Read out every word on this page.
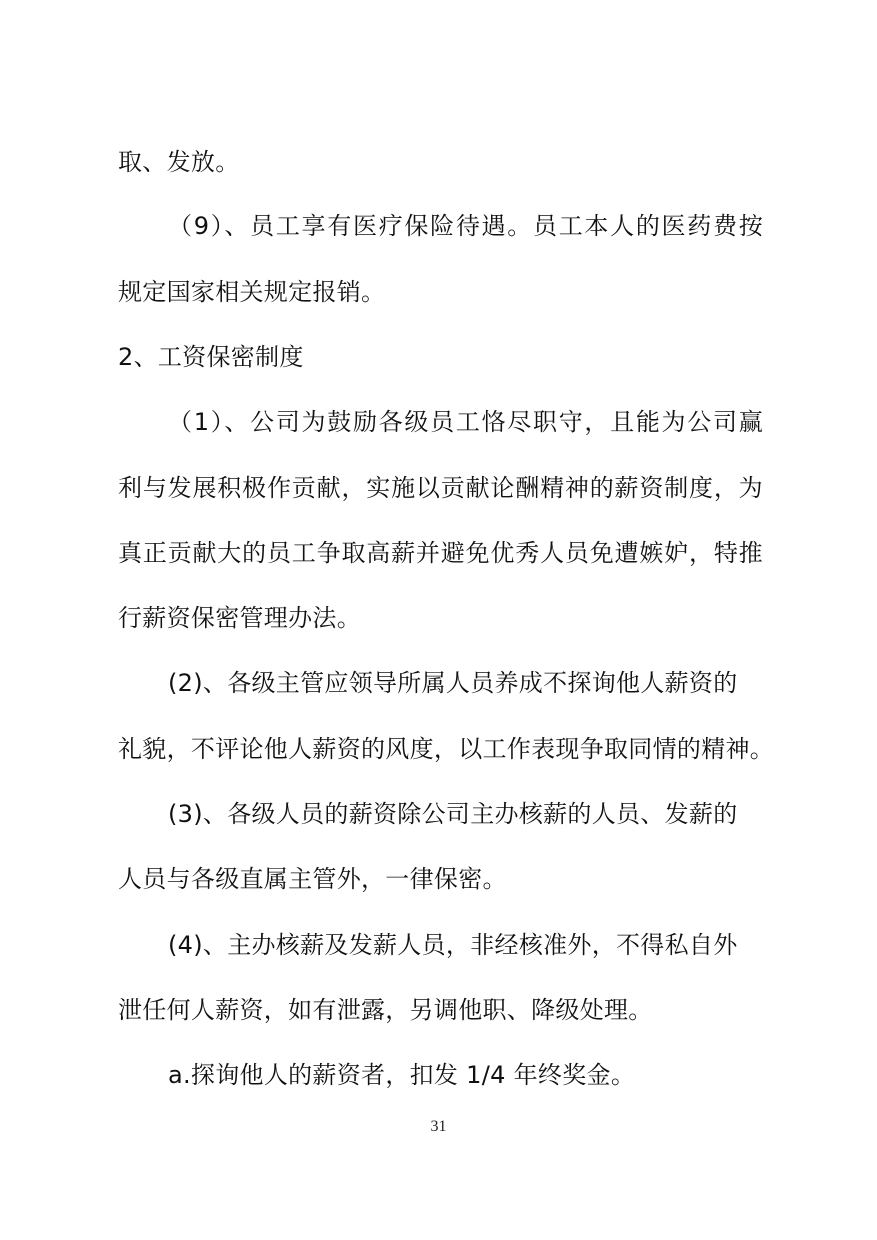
取、发放。

（9）、员工享有医疗保险待遇。员工本人的医药费按

规定国家相关规定报销。

2、工资保密制度

（1）、公司为鼓励各级员工恪尽职守，且能为公司赢

利与发展积极作贡献，实施以贡献论酬精神的薪资制度，为

真正贡献大的员工争取高薪并避免优秀人员免遭嫉妒，特推

行薪资保密管理办法。

(2)、各级主管应领导所属人员养成不探询他人薪资的

礼貌，不评论他人薪资的风度，以工作表现争取同情的精神。

(3)、各级人员的薪资除公司主办核薪的人员、发薪的

人员与各级直属主管外，一律保密。

(4)、主办核薪及发薪人员，非经核准外，不得私自外

泄任何人薪资，如有泄露，另调他职、降级处理。

a.探询他人的薪资者，扣发 1/4 年终奖金。

31
